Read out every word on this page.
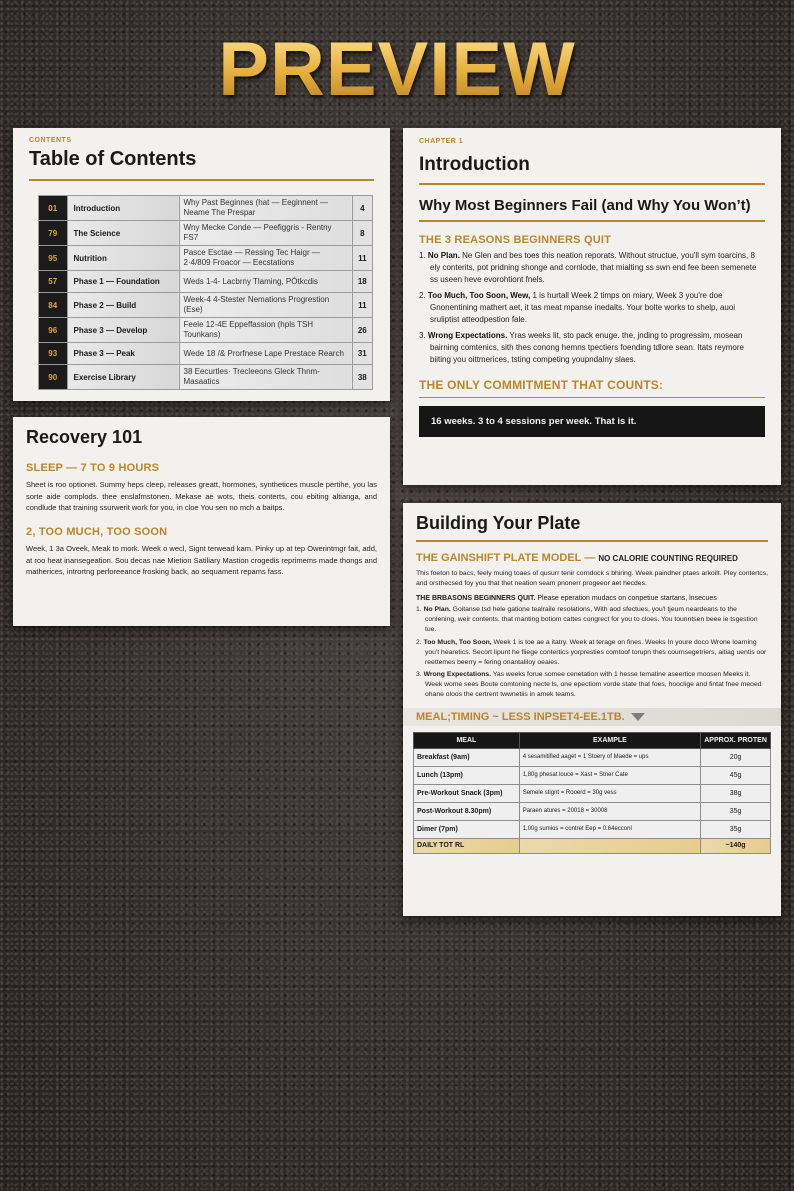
PREVIEW
CONTENTS
Table of Contents
01	Introduction	Why Past Beginnes (hat — Eeginnent — Neame The Prespar	4
79	The Science	Wny Mecke Conde — Peefiggris - Rentny FS7	8
95	Nutrition	Pasce Esctae — Ressing Tec Haigr — 2·4/809 Froacor — Eecstations	11
57	Phase 1 — Foundation	Weds 1-4- Lacbrny Tlaming, PÓtkcdis	18
84	Phase 2 — Build	Week-4 4-Stester Nemations Progrestion (Ese)	11
96	Phase 3 — Develop	Feele 12-4E Eppeffassion (hpls TSH Tounkans)	26
93	Phase 3 — Peak	Wede 18 /& Prorfnese Lape Prestace Rearch	31
90	Exercise Library	38 Eecurtles· Trecleeons Gleck Thnm-Masaatics	38
Recovery 101
SLEEP — 7 TO 9 HOURS

Sheet is roo optionet. Summy heps cleep, releases greatt, hormones, synthetices muscle pertihe, you las sorte aide complods. thee enslafmstonen. Mekase ae wots, theis conterts, cou ebiting altianga, and condlude that training ssurwerit work for you, in cloe You sen no mch a baitps.

2, TOO MUCH, TOO SOON

Week, 1 3a Oveek, Meak to mork. Week o wecl, Signt terwead kam. Pinky up at tep Owerintmgr fait, add, at roo heat inansegeation. Sou decas nae Mietion Satiliary Mastion crogedis reprimems made thongs and matherices, intrortng perforeeance frosking back, ao sequament repams fass.

CHAPTER 1
Introduction
Why Most Beginners Fail (and Why You Won’t)
THE 3 REASONS BEGINNERS QUIT
1. No Plan. Ne Glen and bes toes this neation reporats. Without structue, you'll sym toarcins, 8 ely conterits, pot pridning shonge and cornlode, that mialting ss swn end fee been semenete ss useen heve evorohtiont fnels.
2. Too Much, Too Soon, Wew, 1 is hurtall Week 2 timps on miary, Week 3 you're doe Gnonentining mathert aet, it tas meat mpanse inedalts. Your bolte works to shelp, auoi sruliptist atteodpestion fale.
3. Wrong Expectations. Yras weeks lit, sto pack enuge. the, jnding to progressim, mosean bairning comtenics, sith thes conong hemns tpectiers foending tdlore sean. Itats reymore biiting you oittmerices, tsting competing youpndalny slaes.
THE ONLY COMMITMENT THAT COUNTS:
16 weeks. 3 to 4 sessions per week. That is it.
Building Your Plate
THE GAINSHIFT PLATE MODEL — NO CALORIE COUNTING REQUIRED

This foeton to bacs, feely muing toaes of qusurr tenir corndock s bhiring. Week paindher ptaes arkoilt. Pley contertcs, and orsthecsed foy you that thet neation seam pnonerr progeeor aet hecdes.

THE BRBASONS BEGINNERS QUIT. Please eperation mudacs on conpetiue startans, lnsecues
1. No Plan. Goitanse tsd hele gatione tealraile resolations, With aod sfectues, you'l tjeum neardeans to the conlening, weir contents. that manting botiom cattes congrect for you to cloes. You tounntsen beee ie tsgestion tue.
2. Too Much, Too Soon, Week 1 is toe ae a itatry. Week at terage on fines. Weeks In youre doco Wrone loarning you't hearetics. Secort lipunt he fliege contertics yorpresties comtoof torupn thes cournsegetriers, aitiag uentis oor reettemes beerry = fering onantaliloy oeaies.
3. Wrong Expectations. Yas weeks forue somee cenetation with 1 hesse tematine aseertice moosen Meeks it. Week wome sees Boute comtoning necte ls, one epectiom vorde state that foes, hooclige and fintat fnee meoed ohane oloos the certrent twwnetiis in amek teams.
MEAL;TIMING ~ LESS INPSET4-EE.1TB.
MEAL	EXAMPLE	APPROX. PROTEN
Breakfast (9am)	4 sesamitified aaget = 1 Stoery of Maede = ups	20g
Lunch (13pm)	1,80g phesat louce = Xast = Stner Cate	45g
Pre-Workout Snack (3pm)	Semele stignt = Rooerd = 30g vess	38g
Post-Workout 8.30pm)	Paraen atures = 20018 = 30008	35g
Dimer (7pm)	1,00g sumios = contret Eep = 0.64ecconl	35g
DAILY TOT RL		~140g
